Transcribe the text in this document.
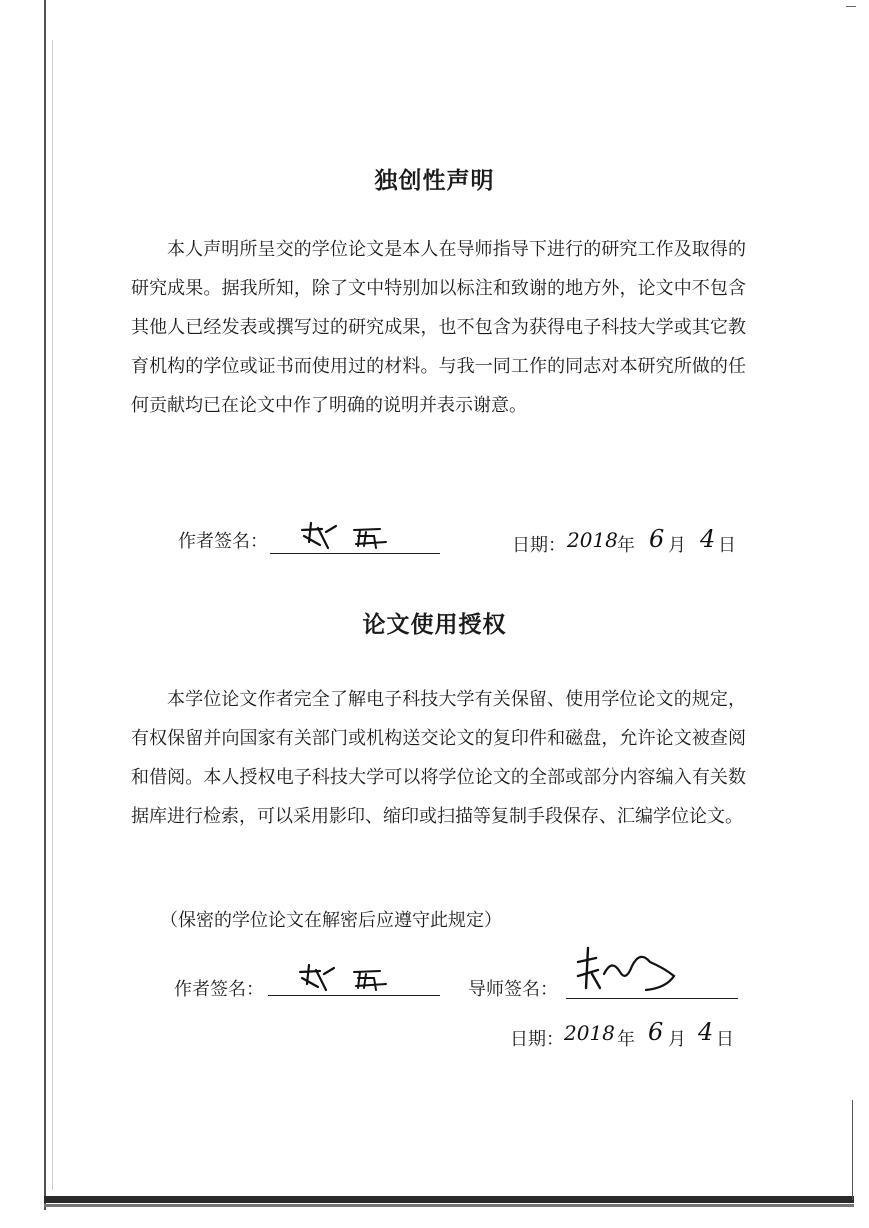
独创性声明

本人声明所呈交的学位论文是本人在导师指导下进行的研究工作及取得的研究成果。据我所知，除了文中特别加以标注和致谢的地方外，论文中不包含其他人已经发表或撰写过的研究成果，也不包含为获得电子科技大学或其它教育机构的学位或证书而使用过的材料。与我一同工作的同志对本研究所做的任何贡献均已在论文中作了明确的说明并表示谢意。

作者签名：	日期： 2018 年 6 月 4 日
论文使用授权

本学位论文作者完全了解电子科技大学有关保留、使用学位论文的规定，有权保留并向国家有关部门或机构送交论文的复印件和磁盘，允许论文被查阅和借阅。本人授权电子科技大学可以将学位论文的全部或部分内容编入有关数据库进行检索，可以采用影印、缩印或扫描等复制手段保存、汇编学位论文。

（保密的学位论文在解密后应遵守此规定）
作者签名：	导师签名：
日期： 2018 年 6 月 4 日
